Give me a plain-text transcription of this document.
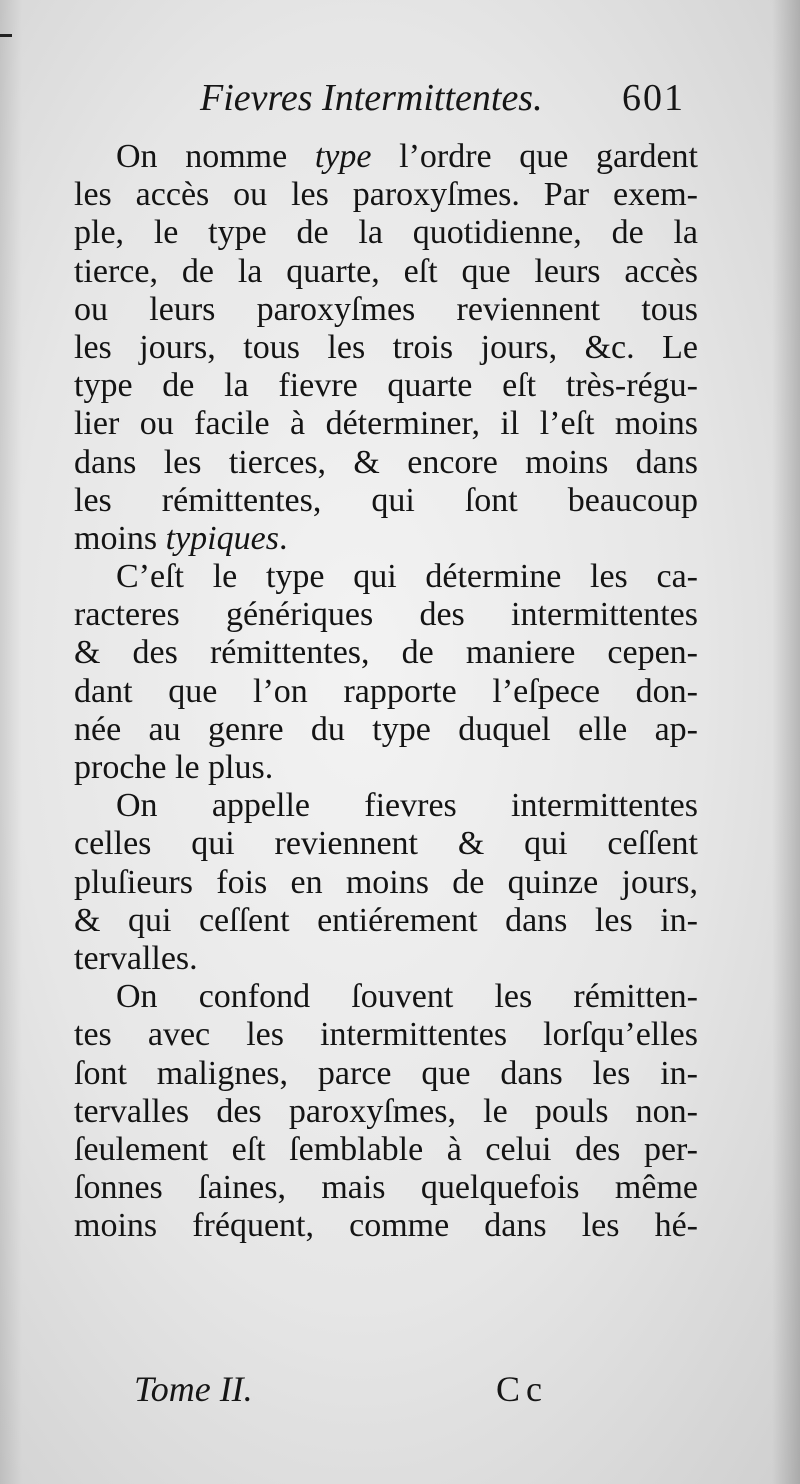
Fievres Intermittentes. 601
On nomme type l’ordre que gardent
les accès ou les paroxyſmes. Par exem-
ple, le type de la quotidienne, de la
tierce, de la quarte, eſt que leurs accès
ou leurs paroxyſmes reviennent tous
les jours, tous les trois jours, &c. Le
type de la fievre quarte eſt très-régu-
lier ou facile à déterminer, il l’eſt moins
dans les tierces, & encore moins dans
les rémittentes, qui ſont beaucoup
moins typiques.
C’eſt le type qui détermine les ca-
racteres génériques des intermittentes
& des rémittentes, de maniere cepen-
dant que l’on rapporte l’eſpece don-
née au genre du type duquel elle ap-
proche le plus.
On appelle fievres intermittentes
celles qui reviennent & qui ceſſent
pluſieurs fois en moins de quinze jours,
& qui ceſſent entiérement dans les in-
tervalles.
On confond ſouvent les rémitten-
tes avec les intermittentes lorſqu’elles
ſont malignes, parce que dans les in-
tervalles des paroxyſmes, le pouls non-
ſeulement eſt ſemblable à celui des per-
ſonnes ſaines, mais quelquefois même
moins fréquent, comme dans les hé-
Tome II.	Cc
